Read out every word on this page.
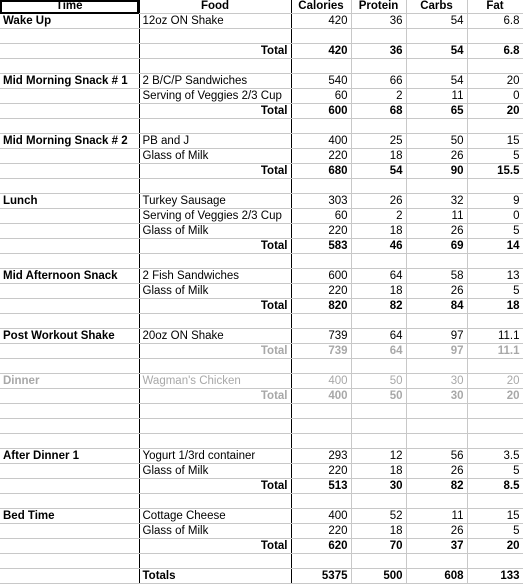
Time	Food	Calories	Protein	Carbs	Fat
Wake Up	12oz ON Shake	420	36	54	6.8

	Total	420	36	54	6.8

Mid Morning Snack # 1	2 B/C/P Sandwiches	540	66	54	20
	Serving of Veggies 2/3 Cup	60	2	11	0
	Total	600	68	65	20

Mid Morning Snack # 2	PB and J	400	25	50	15
	Glass of Milk	220	18	26	5
	Total	680	54	90	15.5

Lunch	Turkey Sausage	303	26	32	9
	Serving of Veggies 2/3 Cup	60	2	11	0
	Glass of Milk	220	18	26	5
	Total	583	46	69	14

Mid Afternoon Snack	2 Fish Sandwiches	600	64	58	13
	Glass of Milk	220	18	26	5
	Total	820	82	84	18

Post Workout Shake	20oz ON Shake	739	64	97	11.1
	Total	739	64	97	11.1

Dinner	Wagman's Chicken	400	50	30	20
	Total	400	50	30	20

After Dinner 1	Yogurt 1/3rd container	293	12	56	3.5
	Glass of Milk	220	18	26	5
	Total	513	30	82	8.5

Bed Time	Cottage Cheese	400	52	11	15
	Glass of Milk	220	18	26	5
	Total	620	70	37	20

	Totals	5375	500	608	133
